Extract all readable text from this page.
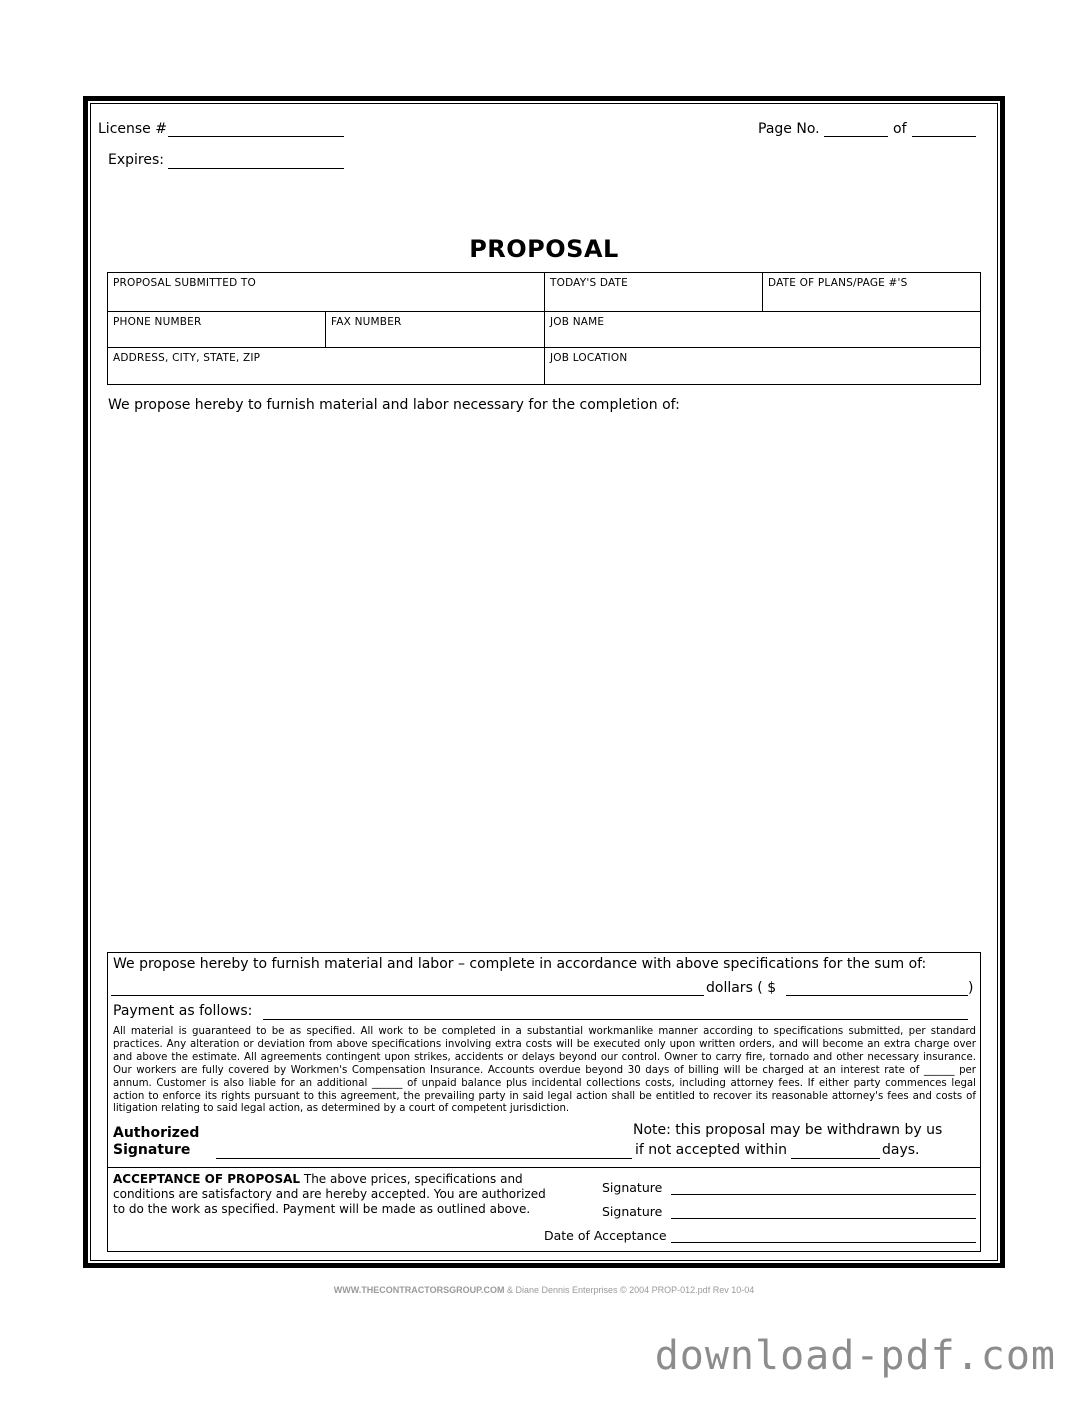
License #
Expires:
Page No.	of
PROPOSAL
PROPOSAL SUBMITTED TO	TODAY'S DATE	DATE OF PLANS/PAGE #'S
PHONE NUMBER	FAX NUMBER	JOB NAME
ADDRESS, CITY, STATE, ZIP	JOB LOCATION
We propose hereby to furnish material and labor necessary for the completion of:
We propose hereby to furnish material and labor – complete in accordance with above specifications for the sum of:
dollars ( $	)
Payment as follows:
All material is guaranteed to be as specified. All work to be completed in a substantial workmanlike manner according to specifications submitted, per standard practices. Any alteration or deviation from above specifications involving extra costs will be executed only upon written orders, and will become an extra charge over and above the estimate. All agreements contingent upon strikes, accidents or delays beyond our control. Owner to carry fire, tornado and other necessary insurance. Our workers are fully covered by Workmen's Compensation Insurance. Accounts overdue beyond 30 days of billing will be charged at an interest rate of ______ per annum. Customer is also liable for an additional ______ of unpaid balance plus incidental collections costs, including attorney fees. If either party commences legal action to enforce its rights pursuant to this agreement, the prevailing party in said legal action shall be entitled to recover its reasonable attorney's fees and costs of litigation relating to said legal action, as determined by a court of competent jurisdiction.
Authorized
Signature
Note: this proposal may be withdrawn by us
if not accepted within	days.
ACCEPTANCE OF PROPOSAL The above prices, specifications and
conditions are satisfactory and are hereby accepted. You are authorized
to do the work as specified. Payment will be made as outlined above.
Signature
Signature
Date of Acceptance
WWW.THECONTRACTORSGROUP.COM & Diane Dennis Enterprises © 2004 PROP-012.pdf Rev 10-04
download-pdf.com
